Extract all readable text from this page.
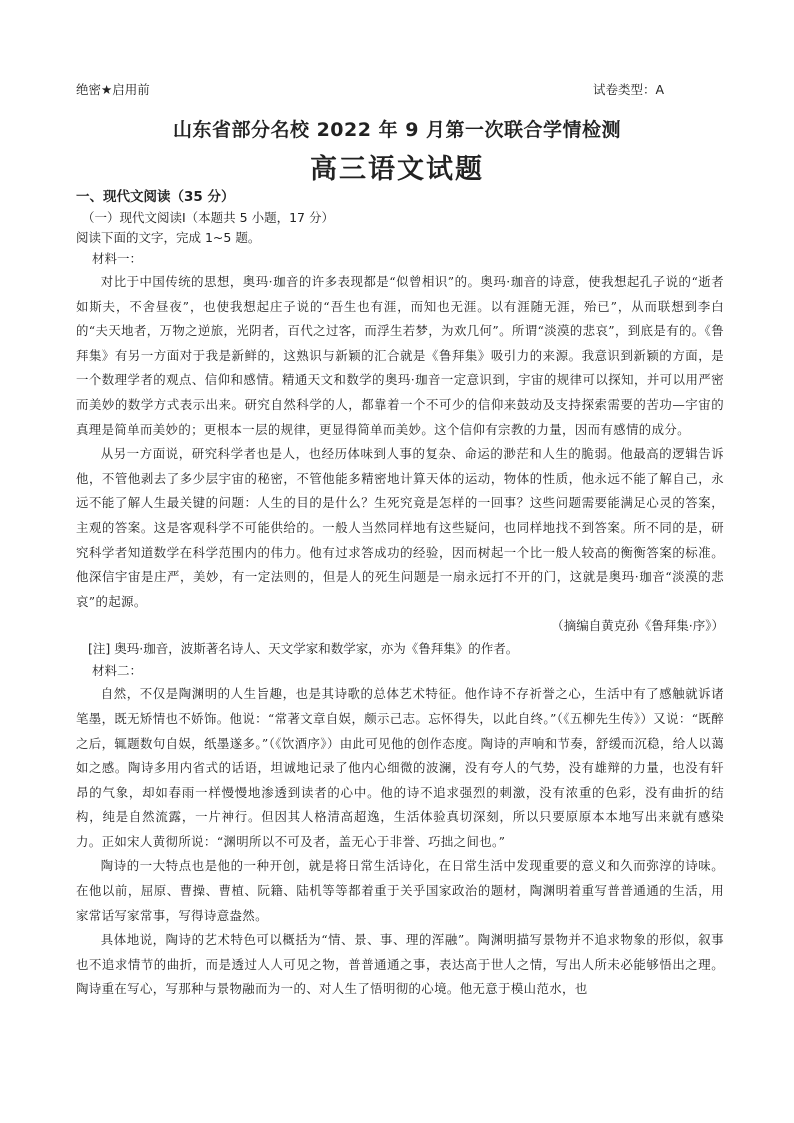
绝密★启用前	试卷类型：A
山东省部分名校 2022 年 9 月第一次联合学情检测
高三语文试题

一、现代文阅读（35 分）

（一）现代文阅读Ⅰ（本题共 5 小题，17 分）

阅读下面的文字，完成 1~5 题。

材料一：

对比于中国传统的思想，奥玛·珈音的许多表现都是“似曾相识”的。奥玛·珈音的诗意，使我想起孔子说的“逝者如斯夫，不舍昼夜”，也使我想起庄子说的“吾生也有涯，而知也无涯。以有涯随无涯，殆已”，从而联想到李白的“夫天地者，万物之逆旅，光阴者，百代之过客，而浮生若梦，为欢几何”。所谓“淡漠的悲哀”，到底是有的。《鲁拜集》有另一方面对于我是新鲜的，这熟识与新颖的汇合就是《鲁拜集》吸引力的来源。我意识到新颖的方面，是一个数理学者的观点、信仰和感情。精通天文和数学的奥玛·珈音一定意识到，宇宙的规律可以探知，并可以用严密而美妙的数学方式表示出来。研究自然科学的人，都靠着一个不可少的信仰来鼓动及支持探索需要的苦功—宇宙的真理是简单而美妙的；更根本一层的规律，更显得简单而美妙。这个信仰有宗教的力量，因而有感情的成分。

从另一方面说，研究科学者也是人，也经历体味到人事的复杂、命运的渺茫和人生的脆弱。他最高的逻辑告诉他，不管他剥去了多少层宇宙的秘密，不管他能多精密地计算天体的运动，物体的性质，他永远不能了解自己，永远不能了解人生最关键的问题：人生的目的是什么？生死究竟是怎样的一回事？这些问题需要能满足心灵的答案，主观的答案。这是客观科学不可能供给的。一般人当然同样地有这些疑问，也同样地找不到答案。所不同的是，研究科学者知道数学在科学范围内的伟力。他有过求答成功的经验，因而树起一个比一般人较高的衡衡答案的标准。他深信宇宙是庄严，美妙，有一定法则的，但是人的死生问题是一扇永远打不开的门，这就是奥玛·珈音“淡漠的悲哀”的起源。

（摘编自黄克孙《鲁拜集·序》）

[注] 奥玛·珈音，波斯著名诗人、天文学家和数学家，亦为《鲁拜集》的作者。

材料二：

自然，不仅是陶渊明的人生旨趣，也是其诗歌的总体艺术特征。他作诗不存祈誉之心，生活中有了感触就诉诸笔墨，既无矫情也不娇饰。他说：“常著文章自娱，颇示己志。忘怀得失，以此自终。”（《五柳先生传》）又说：“既醉之后，辄题数句自娱，纸墨遂多。”（《饮酒序》）由此可见他的创作态度。陶诗的声响和节奏，舒缓而沉稳，给人以蔼如之感。陶诗多用内省式的话语，坦诚地记录了他内心细微的波澜，没有夸人的气势，没有雄辩的力量，也没有轩昂的气象，却如春雨一样慢慢地渗透到读者的心中。他的诗不追求强烈的刺激，没有浓重的色彩，没有曲折的结构，纯是自然流露，一片神行。但因其人格清高超逸，生活体验真切深刻，所以只要原原本本地写出来就有感染力。正如宋人黄彻所说：“渊明所以不可及者，盖无心于非誉、巧拙之间也。”

陶诗的一大特点也是他的一种开创，就是将日常生活诗化，在日常生活中发现重要的意义和久而弥淳的诗味。在他以前，屈原、曹操、曹植、阮籍、陆机等等都着重于关乎国家政治的题材，陶渊明着重写普普通通的生活，用家常话写家常事，写得诗意盎然。

具体地说，陶诗的艺术特色可以概括为“情、景、事、理的浑融”。陶渊明描写景物并不追求物象的形似，叙事也不追求情节的曲折，而是透过人人可见之物，普普通通之事，表达高于世人之情，写出人所未必能够悟出之理。陶诗重在写心，写那种与景物融而为一的、对人生了悟明彻的心境。他无意于模山范水，也
